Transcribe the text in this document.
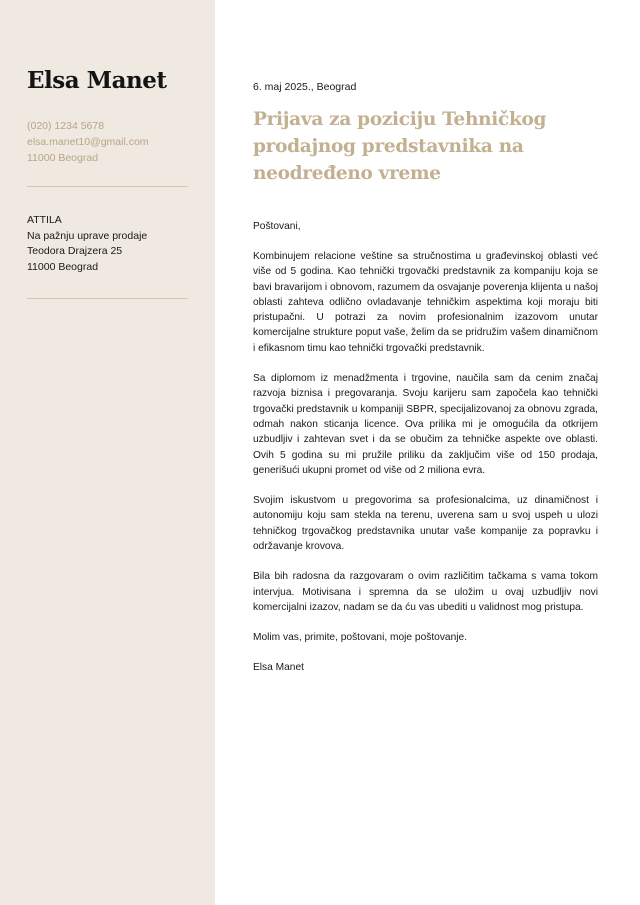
Elsa Manet
(020) 1234 5678
elsa.manet10@gmail.com
11000 Beograd
ATTILA
Na pažnju uprave prodaje
Teodora Drajzera 25
11000 Beograd
6. maj 2025., Beograd
Prijava za poziciju Tehničkog prodajnog predstavnika na neodređeno vreme
Poštovani,

Kombinujem relacione veštine sa stručnostima u građevinskoj oblasti već više od 5 godina. Kao tehnički trgovački predstavnik za kompaniju koja se bavi bravarijom i obnovom, razumem da osvajanje poverenja klijenta u našoj oblasti zahteva odlično ovladavanje tehničkim aspektima koji moraju biti pristupačni. U potrazi za novim profesionalnim izazovom unutar komercijalne strukture poput vaše, želim da se pridružim vašem dinamičnom i efikasnom timu kao tehnički trgovački predstavnik.

Sa diplomom iz menadžmenta i trgovine, naučila sam da cenim značaj razvoja biznisa i pregovaranja. Svoju karijeru sam započela kao tehnički trgovački predstavnik u kompaniji SBPR, specijalizovanoj za obnovu zgrada, odmah nakon sticanja licence. Ova prilika mi je omogućila da otkrijem uzbudljiv i zahtevan svet i da se obučim za tehničke aspekte ove oblasti. Ovih 5 godina su mi pružile priliku da zaključim više od 150 prodaja, generišući ukupni promet od više od 2 miliona evra.

Svojim iskustvom u pregovorima sa profesionalcima, uz dinamičnost i autonomiju koju sam stekla na terenu, uverena sam u svoj uspeh u ulozi tehničkog trgovačkog predstavnika unutar vaše kompanije za popravku i održavanje krovova.

Bila bih radosna da razgovaram o ovim različitim tačkama s vama tokom intervjua. Motivisana i spremna da se uložim u ovaj uzbudljiv novi komercijalni izazov, nadam se da ću vas ubediti u validnost mog pristupa.

Molim vas, primite, poštovani, moje poštovanje.

Elsa Manet
